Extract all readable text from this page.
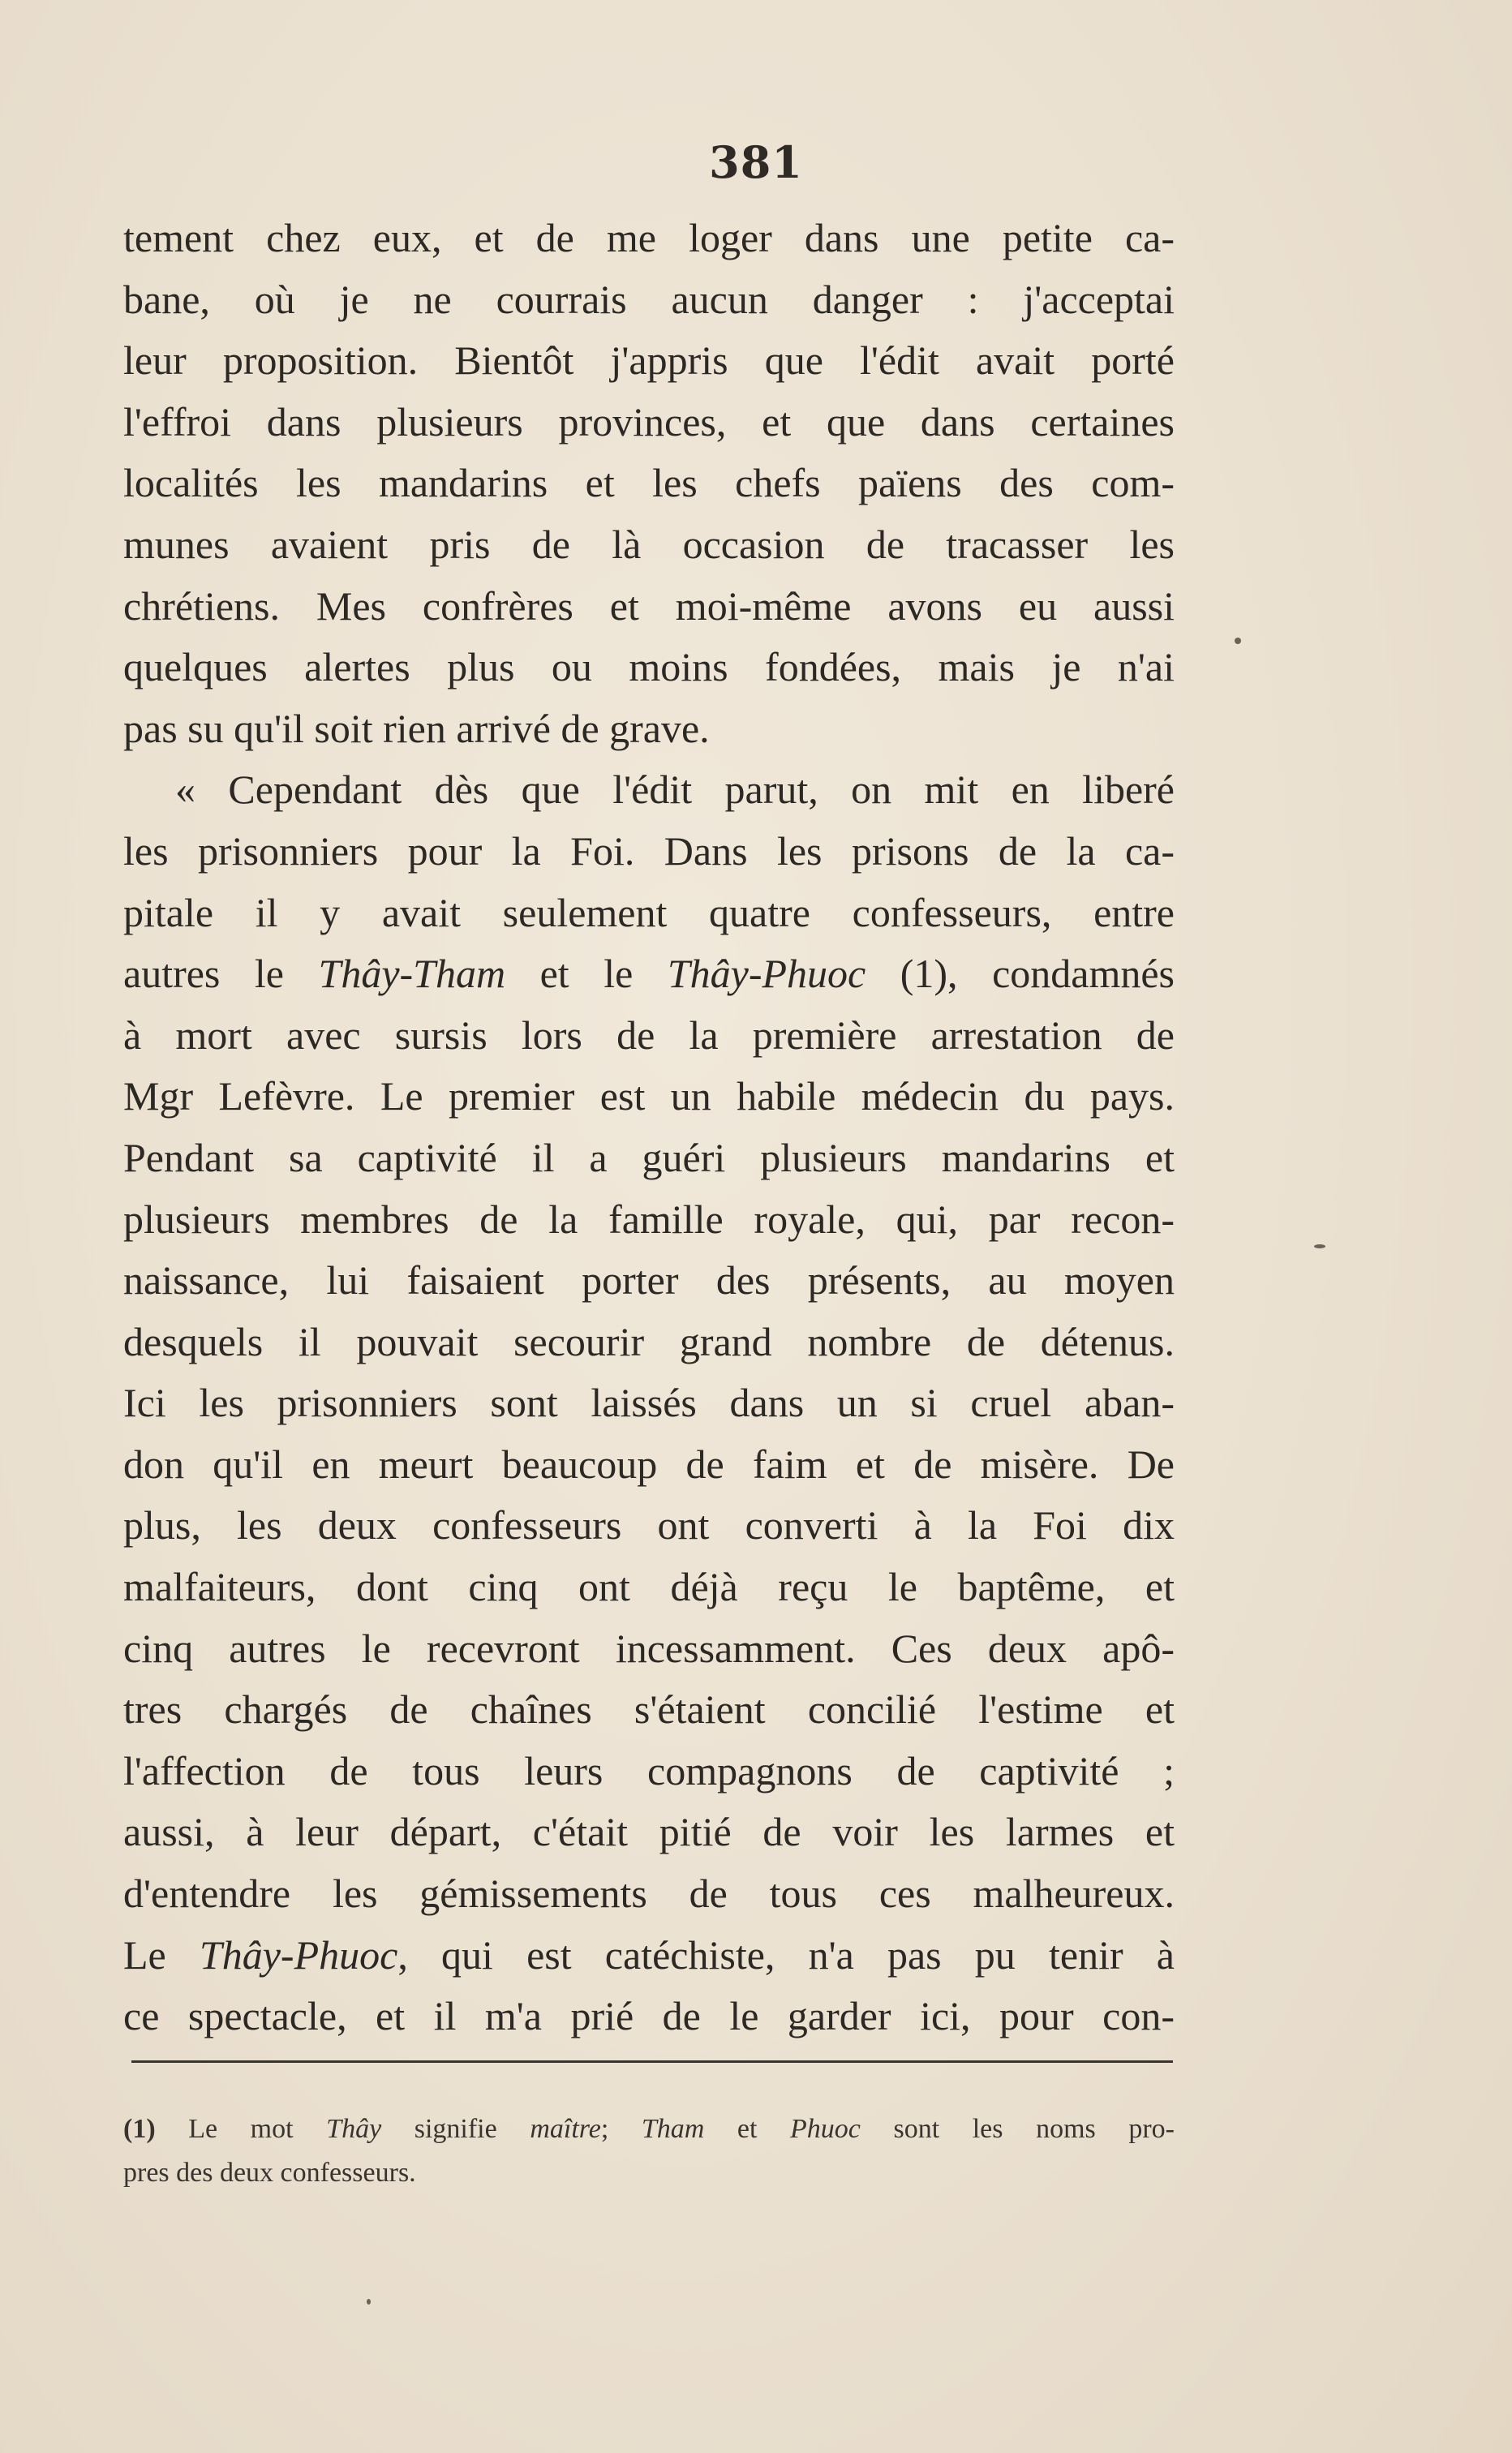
381
tement chez eux, et de me loger dans une petite ca-
bane, où je ne courrais aucun danger : j'acceptai
leur proposition. Bientôt j'appris que l'édit avait porté
l'effroi dans plusieurs provinces, et que dans certaines
localités les mandarins et les chefs païens des com-
munes avaient pris de là occasion de tracasser les
chrétiens. Mes confrères et moi-même avons eu aussi
quelques alertes plus ou moins fondées, mais je n'ai
pas su qu'il soit rien arrivé de grave.
« Cependant dès que l'édit parut, on mit en liberé
les prisonniers pour la Foi. Dans les prisons de la ca-
pitale il y avait seulement quatre confesseurs, entre
autres le Thây-Tham et le Thây-Phuoc (1), condamnés
à mort avec sursis lors de la première arrestation de
Mgr Lefèvre. Le premier est un habile médecin du pays.
Pendant sa captivité il a guéri plusieurs mandarins et
plusieurs membres de la famille royale, qui, par recon-
naissance, lui faisaient porter des présents, au moyen
desquels il pouvait secourir grand nombre de détenus.
Ici les prisonniers sont laissés dans un si cruel aban-
don qu'il en meurt beaucoup de faim et de misère. De
plus, les deux confesseurs ont converti à la Foi dix
malfaiteurs, dont cinq ont déjà reçu le baptême, et
cinq autres le recevront incessamment. Ces deux apô-
tres chargés de chaînes s'étaient concilié l'estime et
l'affection de tous leurs compagnons de captivité ;
aussi, à leur départ, c'était pitié de voir les larmes et
d'entendre les gémissements de tous ces malheureux.
Le Thây-Phuoc, qui est catéchiste, n'a pas pu tenir à
ce spectacle, et il m'a prié de le garder ici, pour con-
(1) Le mot Thây signifie maître; Tham et Phuoc sont les noms pro-
pres des deux confesseurs.
